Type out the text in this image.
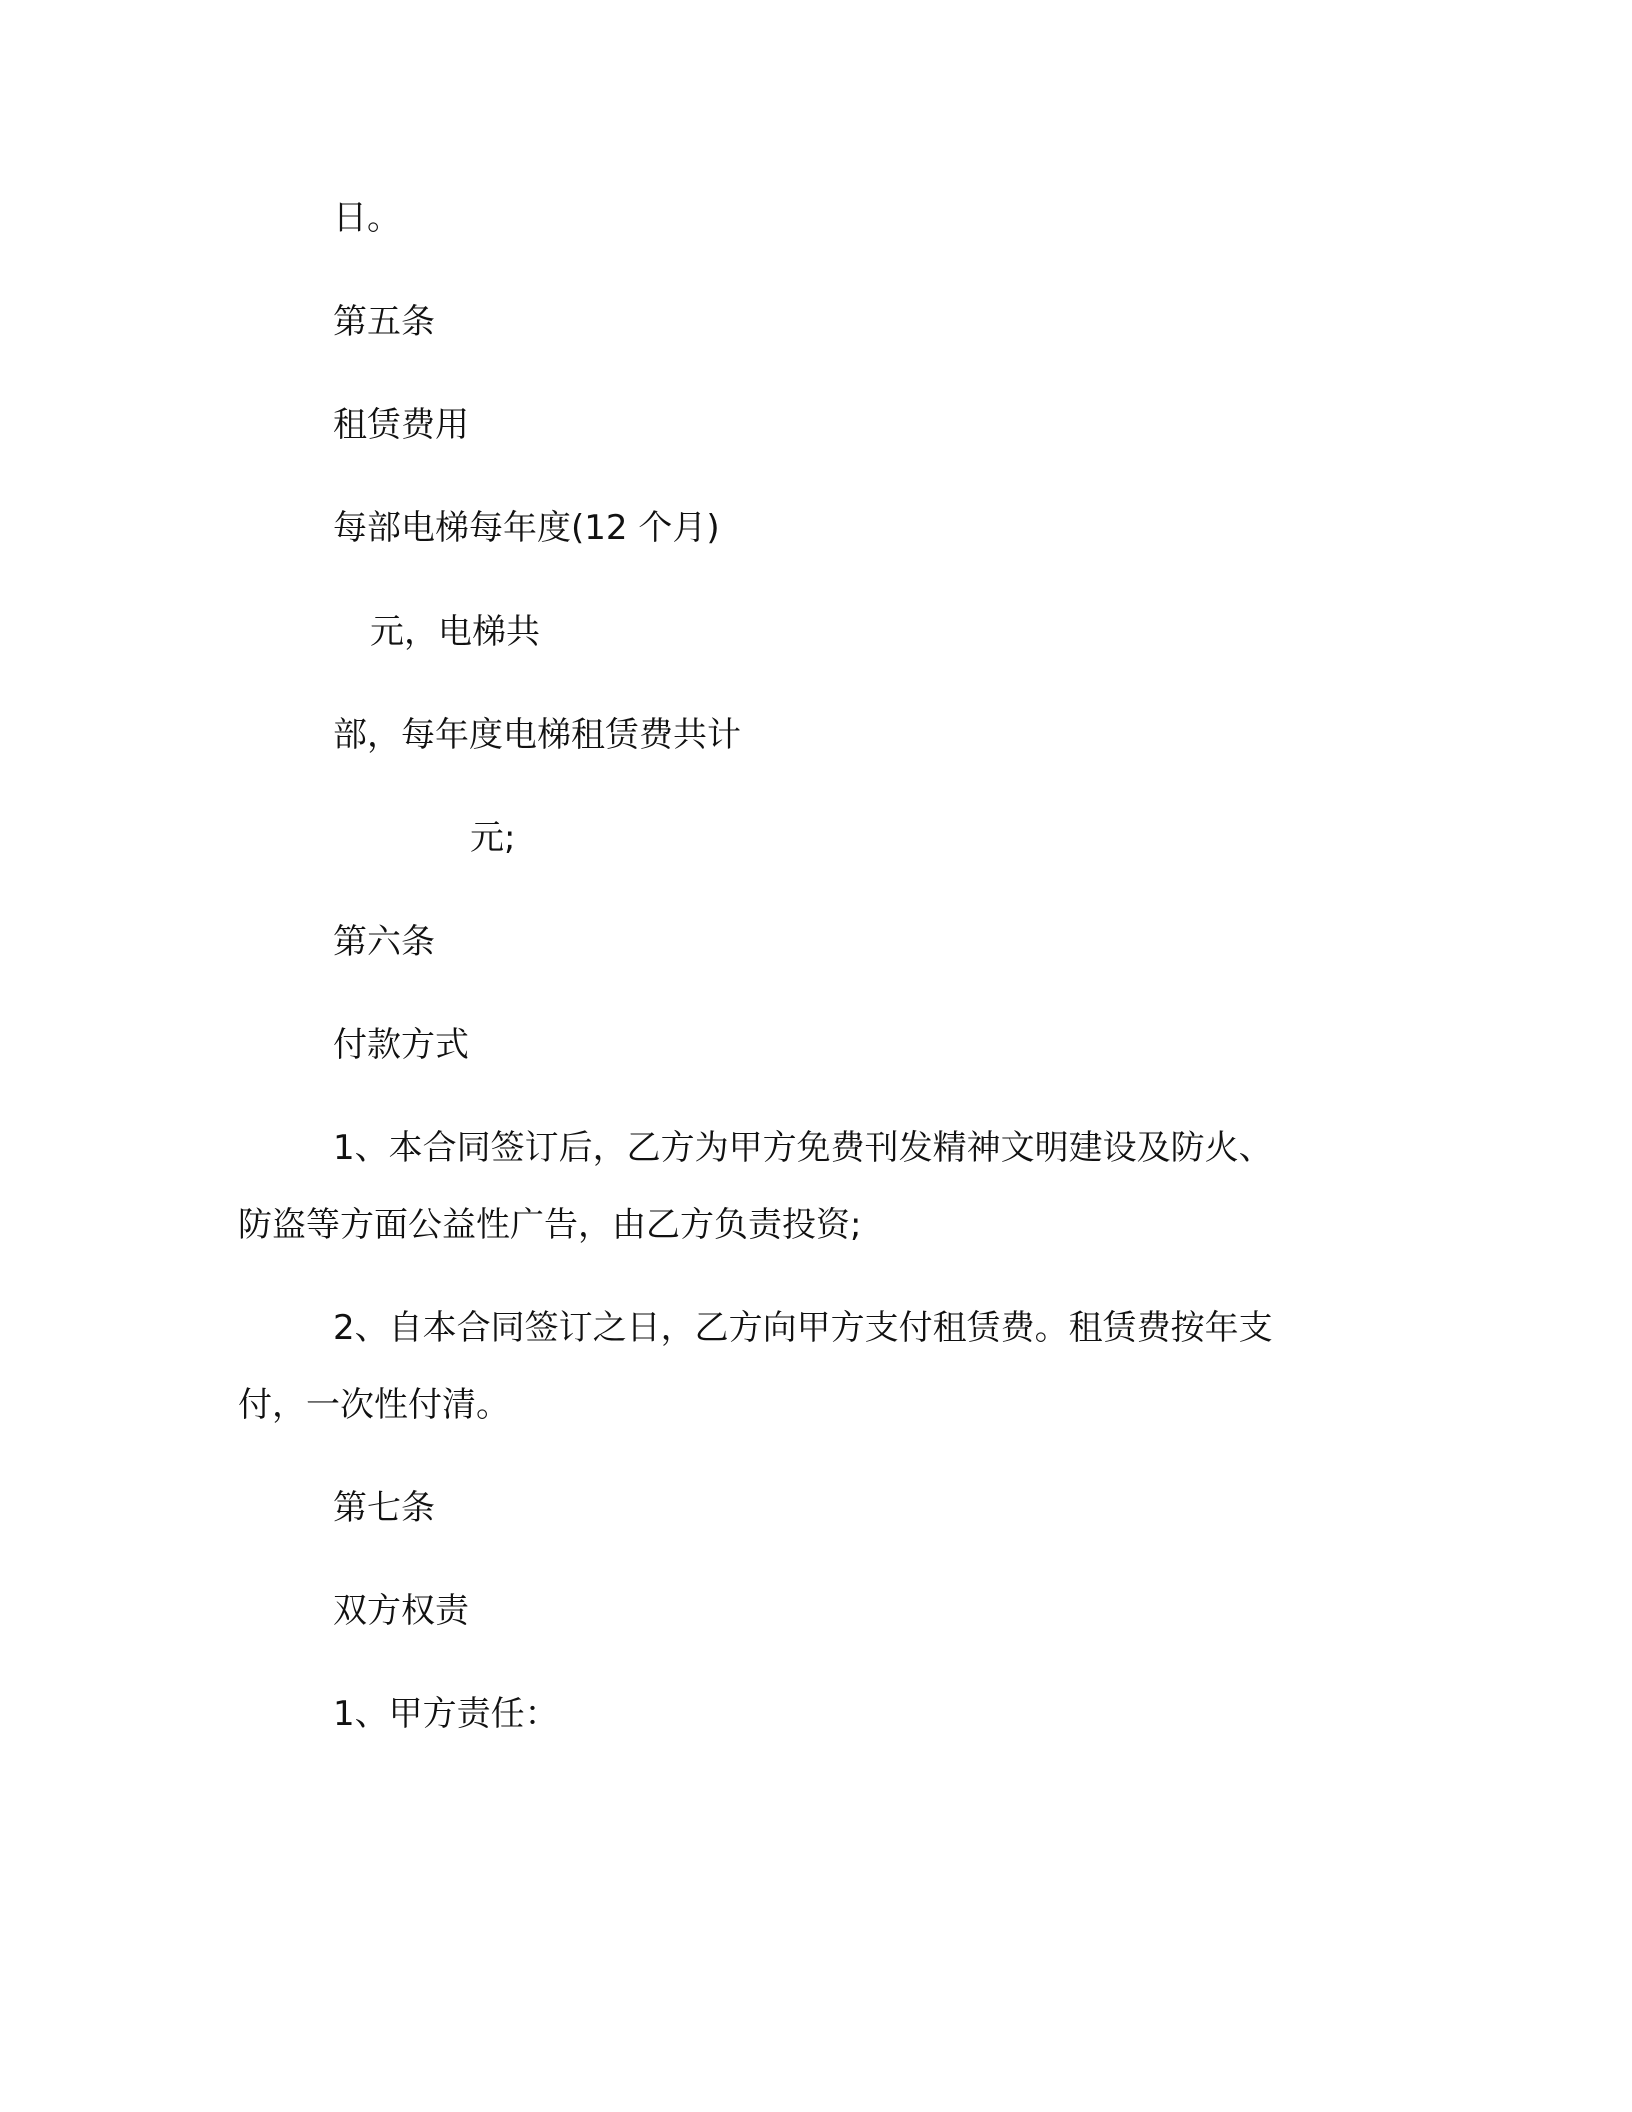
日。

第五条

租赁费用

每部电梯每年度(12 个月)

元，电梯共

部，每年度电梯租赁费共计

元;

第六条

付款方式

1、本合同签订后，乙方为甲方免费刊发精神文明建设及防火、

防盗等方面公益性广告，由乙方负责投资;

2、自本合同签订之日，乙方向甲方支付租赁费。租赁费按年支

付，一次性付清。

第七条

双方权责

1、甲方责任：
